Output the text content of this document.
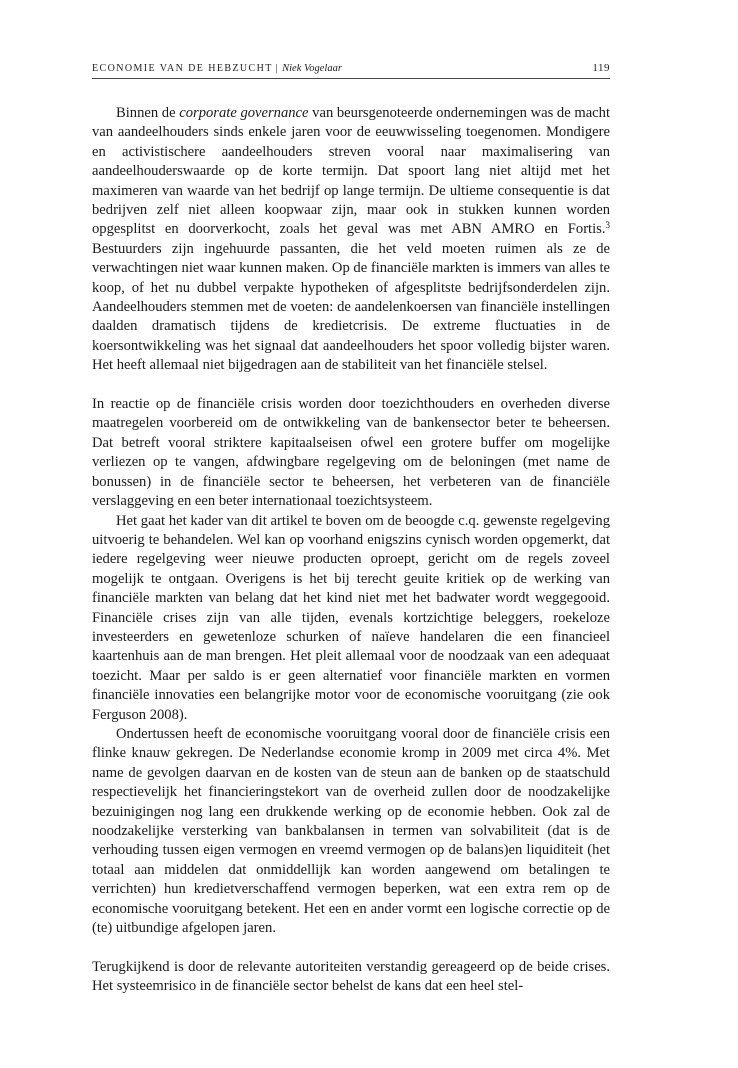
ECONOMIE VAN DE HEBZUCHT | Niek Vogelaar	119

Binnen de corporate governance van beursgenoteerde ondernemingen was de macht van aandeelhouders sinds enkele jaren voor de eeuwwisseling toegenomen. Mondigere en activistischere aandeelhouders streven vooral naar maximalisering van aandeelhouderswaarde op de korte termijn. Dat spoort lang niet altijd met het maximeren van waarde van het bedrijf op lange termijn. De ultieme consequentie is dat bedrijven zelf niet alleen koopwaar zijn, maar ook in stukken kunnen worden opgesplitst en doorverkocht, zoals het geval was met ABN AMRO en Fortis.$^3$ Bestuurders zijn ingehuurde passanten, die het veld moeten ruimen als ze de verwachtingen niet waar kunnen maken. Op de financiële markten is immers van alles te koop, of het nu dubbel verpakte hypotheken of afgesplitste bedrijfsonderdelen zijn. Aandeelhouders stemmen met de voeten: de aandelenkoersen van financiële instellingen daalden dramatisch tijdens de kredietcrisis. De extreme fluctuaties in de koersontwikkeling was het signaal dat aandeelhouders het spoor volledig bijster waren. Het heeft allemaal niet bijgedragen aan de stabiliteit van het financiële stelsel.

In reactie op de financiële crisis worden door toezichthouders en overheden diverse maatregelen voorbereid om de ontwikkeling van de bankensector beter te beheersen. Dat betreft vooral striktere kapitaalseisen ofwel een grotere buffer om mogelijke verliezen op te vangen, afdwingbare regelgeving om de beloningen (met name de bonussen) in de financiële sector te beheersen, het verbeteren van de financiële verslaggeving en een beter internationaal toezichtsysteem.

Het gaat het kader van dit artikel te boven om de beoogde c.q. gewenste regelgeving uitvoerig te behandelen. Wel kan op voorhand enigszins cynisch worden opgemerkt, dat iedere regelgeving weer nieuwe producten oproept, gericht om de regels zoveel mogelijk te ontgaan. Overigens is het bij terecht geuite kritiek op de werking van financiële markten van belang dat het kind niet met het badwater wordt weggegooid. Financiële crises zijn van alle tijden, evenals kortzichtige beleggers, roekeloze investeerders en gewetenloze schurken of naïeve handelaren die een financieel kaartenhuis aan de man brengen. Het pleit allemaal voor de noodzaak van een adequaat toezicht. Maar per saldo is er geen alternatief voor financiële markten en vormen financiële innovaties een belangrijke motor voor de economische vooruitgang (zie ook Ferguson 2008).

Ondertussen heeft de economische vooruitgang vooral door de financiële crisis een flinke knauw gekregen. De Nederlandse economie kromp in 2009 met circa 4%. Met name de gevolgen daarvan en de kosten van de steun aan de banken op de staatschuld respectievelijk het financieringstekort van de overheid zullen door de noodzakelijke bezuinigingen nog lang een drukkende werking op de economie hebben. Ook zal de noodzakelijke versterking van bankbalansen in termen van solvabiliteit (dat is de verhouding tussen eigen vermogen en vreemd vermogen op de balans)en liquiditeit (het totaal aan middelen dat onmiddellijk kan worden aangewend om betalingen te verrichten) hun kredietverschaffend vermogen beperken, wat een extra rem op de economische vooruitgang betekent. Het een en ander vormt een logische correctie op de (te) uitbundige afgelopen jaren.

Terugkijkend is door de relevante autoriteiten verstandig gereageerd op de beide crises. Het systeemrisico in de financiële sector behelst de kans dat een heel stel-
